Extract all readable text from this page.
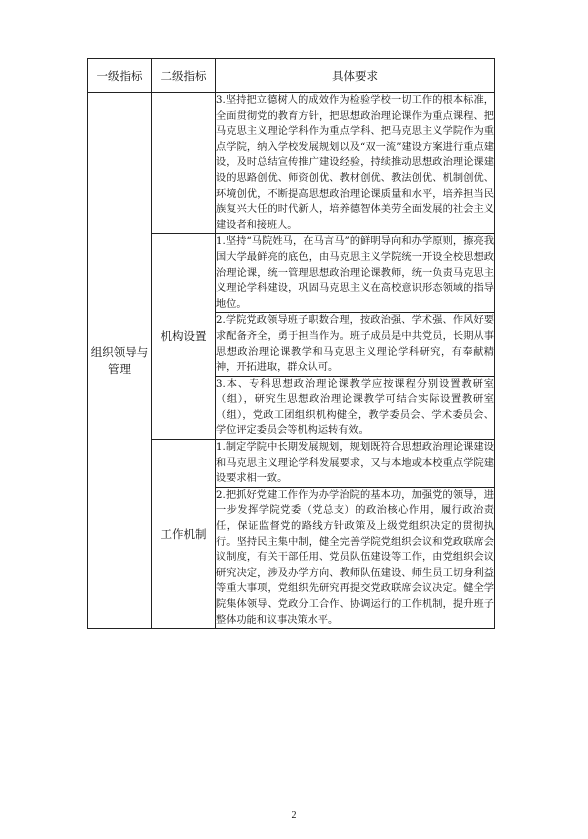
一级指标	二级指标	具体要求
组织领导与管理		3.坚持把立德树人的成效作为检验学校一切工作的根本标准，全面贯彻党的教育方针，把思想政治理论课作为重点课程、把马克思主义理论学科作为重点学科、把马克思主义学院作为重点学院，纳入学校发展规划以及“双一流”建设方案进行重点建设，及时总结宣传推广建设经验，持续推动思想政治理论课建设的思路创优、师资创优、教材创优、教法创优、机制创优、环境创优，不断提高思想政治理论课质量和水平，培养担当民族复兴大任的时代新人，培养德智体美劳全面发展的社会主义建设者和接班人。
	机构设置	1.坚持“马院姓马，在马言马”的鲜明导向和办学原则，擦亮我国大学最鲜亮的底色，由马克思主义学院统一开设全校思想政治理论课，统一管理思想政治理论课教师，统一负责马克思主义理论学科建设，巩固马克思主义在高校意识形态领域的指导地位。
		2.学院党政领导班子职数合理，按政治强、学术强、作风好要求配备齐全，勇于担当作为。班子成员是中共党员，长期从事思想政治理论课教学和马克思主义理论学科研究，有奉献精神，开拓进取，群众认可。
		3.本、专科思想政治理论课教学应按课程分别设置教研室（组），研究生思想政治理论课教学可结合实际设置教研室（组），党政工团组织机构健全，教学委员会、学术委员会、学位评定委员会等机构运转有效。
	工作机制	1.制定学院中长期发展规划，规划既符合思想政治理论课建设和马克思主义理论学科发展要求，又与本地或本校重点学院建设要求相一致。
		2.把抓好党建工作作为办学治院的基本功，加强党的领导，进一步发挥学院党委（党总支）的政治核心作用，履行政治责任，保证监督党的路线方针政策及上级党组织决定的贯彻执行。坚持民主集中制，健全完善学院党组织会议和党政联席会议制度，有关干部任用、党员队伍建设等工作，由党组织会议研究决定，涉及办学方向、教师队伍建设、师生员工切身利益等重大事项，党组织先研究再提交党政联席会议决定。健全学院集体领导、党政分工合作、协调运行的工作机制，提升班子整体功能和议事决策水平。
2
